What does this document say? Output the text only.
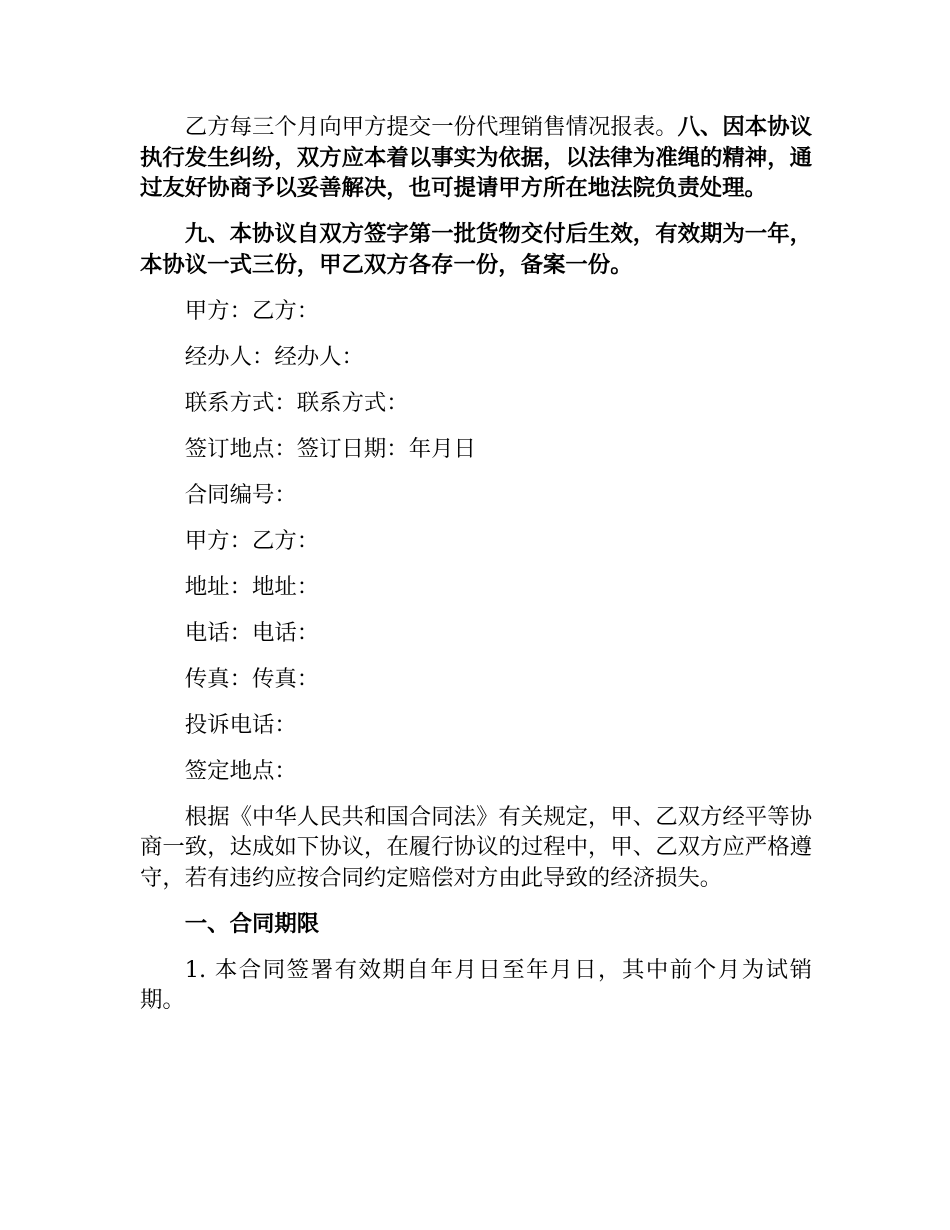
乙方每三个月向甲方提交一份代理销售情况报表。八、因本协议执行发生纠纷，双方应本着以事实为依据，以法律为准绳的精神，通过友好协商予以妥善解决，也可提请甲方所在地法院负责处理。

九、本协议自双方签字第一批货物交付后生效，有效期为一年，本协议一式三份，甲乙双方各存一份，备案一份。

甲方：乙方：

经办人：经办人：

联系方式：联系方式：

签订地点：签订日期：年月日

合同编号：

甲方：乙方：

地址：地址：

电话：电话：

传真：传真：

投诉电话：

签定地点：

根据《中华人民共和国合同法》有关规定，甲、乙双方经平等协商一致，达成如下协议，在履行协议的过程中，甲、乙双方应严格遵守，若有违约应按合同约定赔偿对方由此导致的经济损失。

一、合同期限

1. 本合同签署有效期自年月日至年月日，其中前个月为试销期。
